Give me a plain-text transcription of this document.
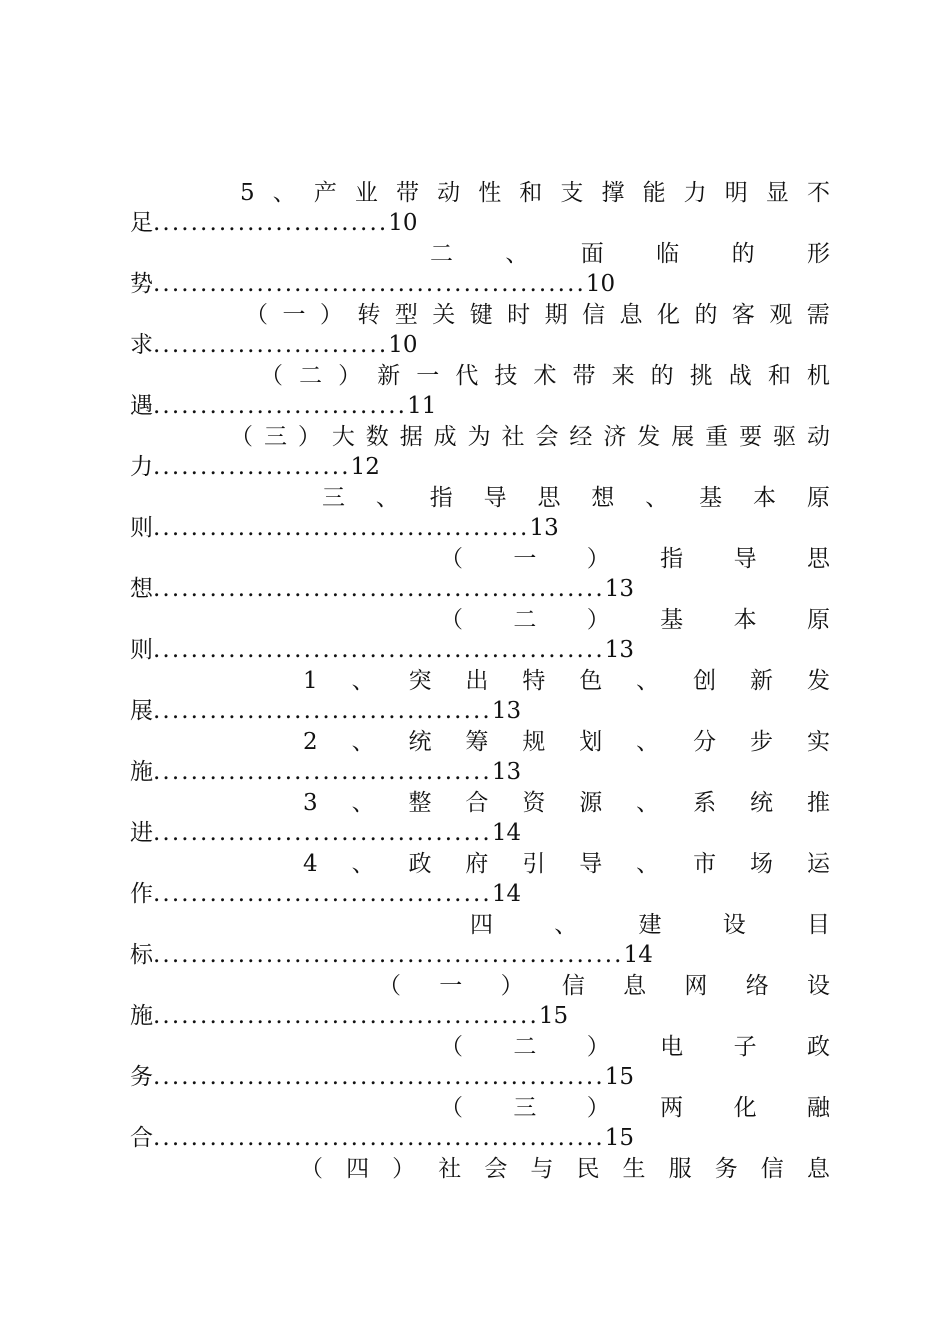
5 、 产 业 带 动 性 和 支 撑 能 力 明 显 不
足.........................10
二 、 面 临 的 形
势..............................................10
（ 一 ） 转 型 关 键 时 期 信 息 化 的 客 观 需
求.........................10
（ 二 ） 新 一 代 技 术 带 来 的 挑 战 和 机
遇...........................11
（ 三 ） 大 数 据 成 为 社 会 经 济 发 展 重 要 驱 动
力.....................12
三 、 指 导 思 想 、 基 本 原
则........................................13
（ 一 ） 指 导 思
想................................................13
（ 二 ） 基 本 原
则................................................13
1 、 突 出 特 色 、 创 新 发
展....................................13
2 、 统 筹 规 划 、 分 步 实
施....................................13
3 、 整 合 资 源 、 系 统 推
进....................................14
4 、 政 府 引 导 、 市 场 运
作....................................14
四	、	建	设	目
标..................................................14
（ 一 ） 信 息 网 络 设
施.........................................15
（ 二 ） 电 子 政
务................................................15
（ 三 ） 两 化 融
合................................................15
（ 四 ） 社 会 与 民 生 服 务 信 息
